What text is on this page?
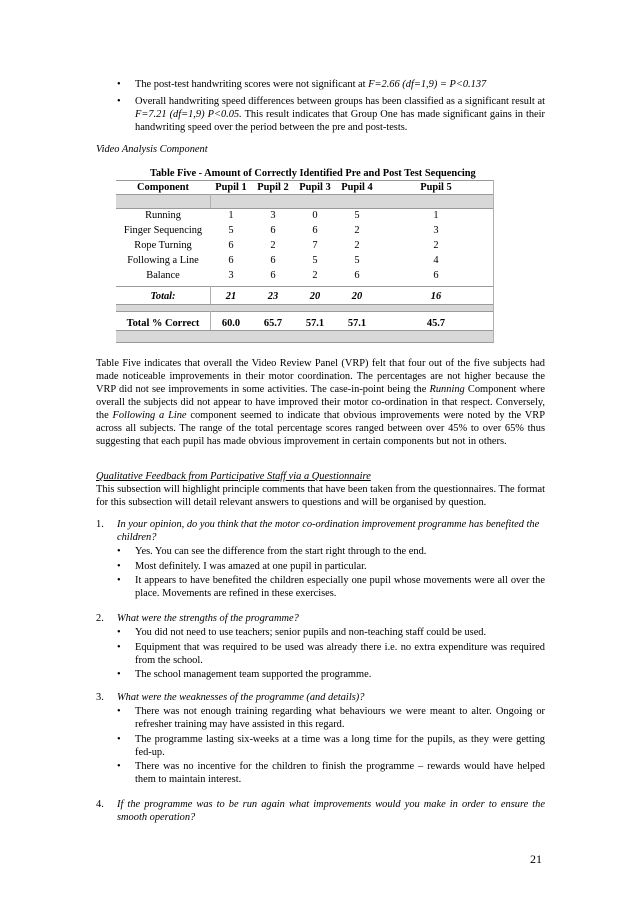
• The post-test handwriting scores were not significant at F=2.66 (df=1,9) = P<0.137
• Overall handwriting speed differences between groups has been classified as a significant result at F=7.21 (df=1,9) P<0.05. This result indicates that Group One has made significant gains in their handwriting speed over the period between the pre and post-tests.
Video Analysis Component
Table Five - Amount of Correctly Identified Pre and Post Test Sequencing
Component	Pupil 1	Pupil 2	Pupil 3	Pupil 4	Pupil 5
Running	1	3	0	5	1
Finger Sequencing	5	6	6	2	3
Rope Turning	6	2	7	2	2
Following a Line	6	6	5	5	4
Balance	3	6	2	6	6
Total:	21	23	20	20	16
Total % Correct	60.0	65.7	57.1	57.1	45.7
Table Five indicates that overall the Video Review Panel (VRP) felt that four out of the five subjects had made noticeable improvements in their motor coordination. The percentages are not higher because the VRP did not see improvements in some activities. The case-in-point being the Running Component where overall the subjects did not appear to have improved their motor co-ordination in that respect. Conversely, the Following a Line component seemed to indicate that obvious improvements were noted by the VRP across all subjects. The range of the total percentage scores ranged between over 45% to over 65% thus suggesting that each pupil has made obvious improvement in certain components but not in others.
Qualitative Feedback from Participative Staff via a Questionnaire
This subsection will highlight principle comments that have been taken from the questionnaires. The format for this subsection will detail relevant answers to questions and will be organised by question.
1. In your opinion, do you think that the motor co-ordination improvement programme has benefited the children?
• Yes. You can see the difference from the start right through to the end.
• Most definitely. I was amazed at one pupil in particular.
• It appears to have benefited the children especially one pupil whose movements were all over the place. Movements are refined in these exercises.
2. What were the strengths of the programme?
• You did not need to use teachers; senior pupils and non-teaching staff could be used.
• Equipment that was required to be used was already there i.e. no extra expenditure was required from the school.
• The school management team supported the programme.
3. What were the weaknesses of the programme (and details)?
• There was not enough training regarding what behaviours we were meant to alter. Ongoing or refresher training may have assisted in this regard.
• The programme lasting six-weeks at a time was a long time for the pupils, as they were getting fed-up.
• There was no incentive for the children to finish the programme – rewards would have helped them to maintain interest.
4. If the programme was to be run again what improvements would you make in order to ensure the smooth operation?
21
